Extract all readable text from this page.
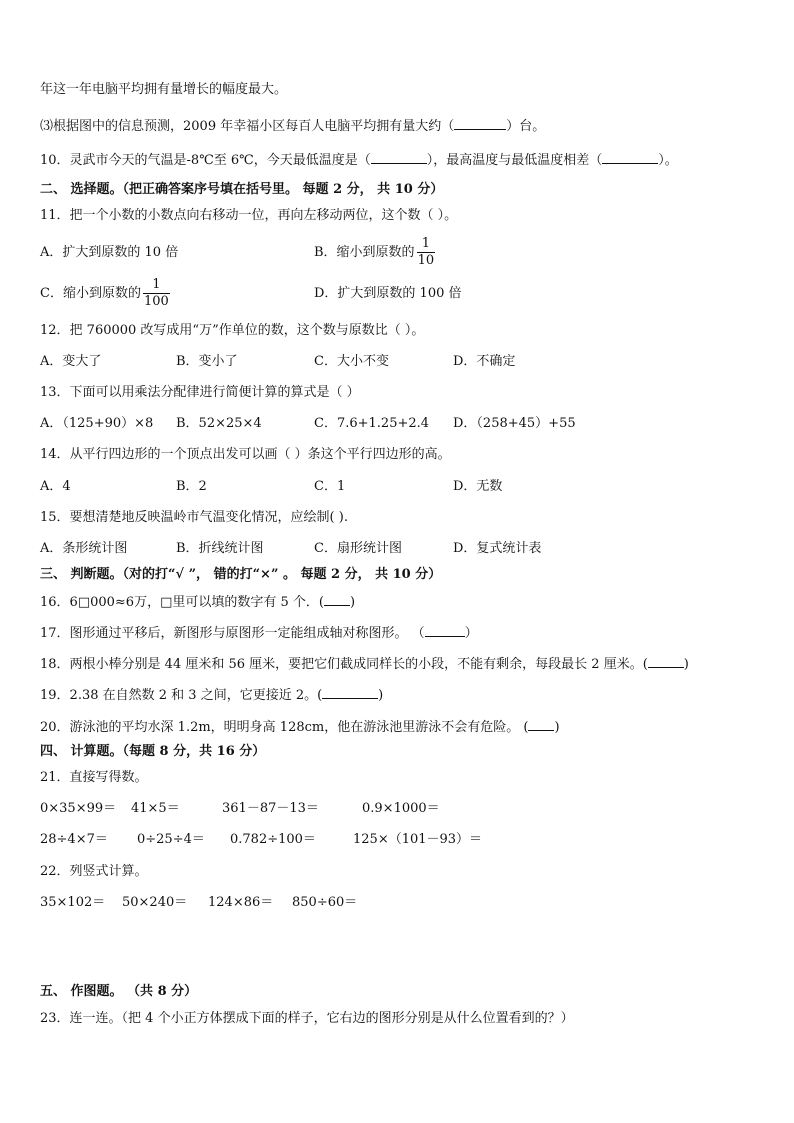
年这一年电脑平均拥有量增长的幅度最大。
⑶根据图中的信息预测，2009 年幸福小区每百人电脑平均拥有量大约（	）台。
10．灵武市今天的气温是-8℃至 6℃，今天最低温度是（	），最高温度与最低温度相差（	）。
二、 选择题。（把正确答案序号填在括号里。 每题 2 分， 共 10 分）
11．把一个小数的小数点向右移动一位，再向左移动两位，这个数（ ）。
A．扩大到原数的 10 倍	B．缩小到原数的 $\frac{1}{10}$
C．缩小到原数的 $\frac{1}{100}$	D．扩大到原数的 100 倍
12．把 760000 改写成用“万”作单位的数，这个数与原数比（ ）。
A．变大了	B．变小了	C．大小不变	D．不确定
13．下面可以用乘法分配律进行简便计算的算式是（ ）
A．（125+90）×8 B．52×25×4	C．7.6+1.25+2.4 D．（258+45）+55
14．从平行四边形的一个顶点出发可以画（ ）条这个平行四边形的高。
A．4	B．2	C．1	D．无数
15．要想清楚地反映温岭市气温变化情况，应绘制( ).
A．条形统计图	B．折线统计图	C．扇形统计图	D．复式统计表
三、 判断题。（对的打“√ ”， 错的打“×” 。 每题 2 分， 共 10 分）
16．6□000≈6万，□里可以填的数字有 5 个．( )
17．图形通过平移后，新图形与原图形一定能组成轴对称图形。 （	）
18．两根小棒分别是 44 厘米和 56 厘米，要把它们截成同样长的小段，不能有剩余，每段最长 2 厘米。(	)
19．2.38 在自然数 2 和 3 之间，它更接近 2。(	)
20．游泳池的平均水深 1.2m，明明身高 128cm，他在游泳池里游泳不会有危险。 ( )
四、 计算题。（每题 8 分，共 16 分）
21．直接写得数。
0×35×99＝ 41×5＝	361－87－13＝	0.9×1000＝
28÷4×7＝ 0÷25÷4＝ 0.782÷100＝	125×（101－93）＝
22．列竖式计算。
35×102＝ 50×240＝ 124×86＝ 850÷60＝
五、 作图题。 （共 8 分）
23．连一连。（把 4 个小正方体摆成下面的样子，它右边的图形分别是从什么位置看到的？）
